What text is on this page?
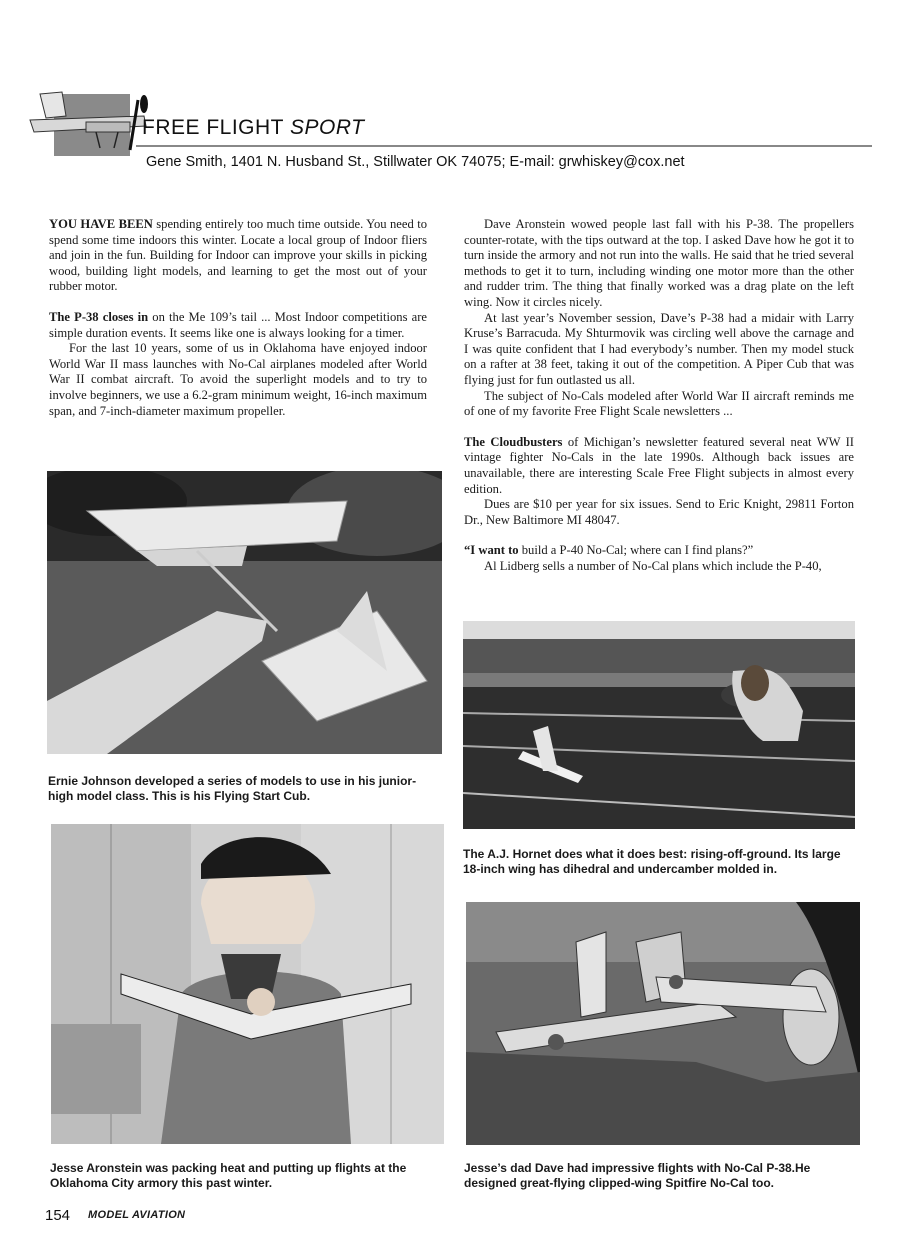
FREE FLIGHT SPORT
Gene Smith, 1401 N. Husband St., Stillwater OK 74075; E-mail: grwhiskey@cox.net

YOU HAVE BEEN spending entirely too much time outside. You need to spend some time indoors this winter. Locate a local group of Indoor fliers and join in the fun. Building for Indoor can improve your skills in picking wood, building light models, and learning to get the most out of your rubber motor.

The P-38 closes in on the Me 109’s tail ... Most Indoor competitions are simple duration events. It seems like one is always looking for a timer.

For the last 10 years, some of us in Oklahoma have enjoyed indoor World War II mass launches with No-Cal airplanes modeled after World War II combat aircraft. To avoid the superlight models and to try to involve beginners, we use a 6.2-gram minimum weight, 16-inch maximum span, and 7-inch-diameter maximum propeller.

Dave Aronstein wowed people last fall with his P-38. The propellers counter-rotate, with the tips outward at the top. I asked Dave how he got it to turn inside the armory and not run into the walls. He said that he tried several methods to get it to turn, including winding one motor more than the other and rudder trim. The thing that finally worked was a drag plate on the left wing. Now it circles nicely.

At last year’s November session, Dave’s P-38 had a midair with Larry Kruse’s Barracuda. My Shturmovik was circling well above the carnage and I was quite confident that I had everybody’s number. Then my model stuck on a rafter at 38 feet, taking it out of the competition. A Piper Cub that was flying just for fun outlasted us all.

The subject of No-Cals modeled after World War II aircraft reminds me of one of my favorite Free Flight Scale newsletters ...

The Cloudbusters of Michigan’s newsletter featured several neat WW II vintage fighter No-Cals in the late 1990s. Although back issues are unavailable, there are interesting Scale Free Flight subjects in almost every edition.

Dues are $10 per year for six issues. Send to Eric Knight, 29811 Forton Dr., New Baltimore MI 48047.

“I want to build a P-40 No-Cal; where can I find plans?”

Al Lidberg sells a number of No-Cal plans which include the P-40,

Ernie Johnson developed a series of models to use in his junior-high model class. This is his Flying Start Cub.
The A.J. Hornet does what it does best: rising-off-ground. Its large 18-inch wing has dihedral and undercamber molded in.
Jesse Aronstein was packing heat and putting up flights at the Oklahoma City armory this past winter.
Jesse’s dad Dave had impressive flights with No-Cal P-38.He designed great-flying clipped-wing Spitfire No-Cal too.
154 MODEL AVIATION
